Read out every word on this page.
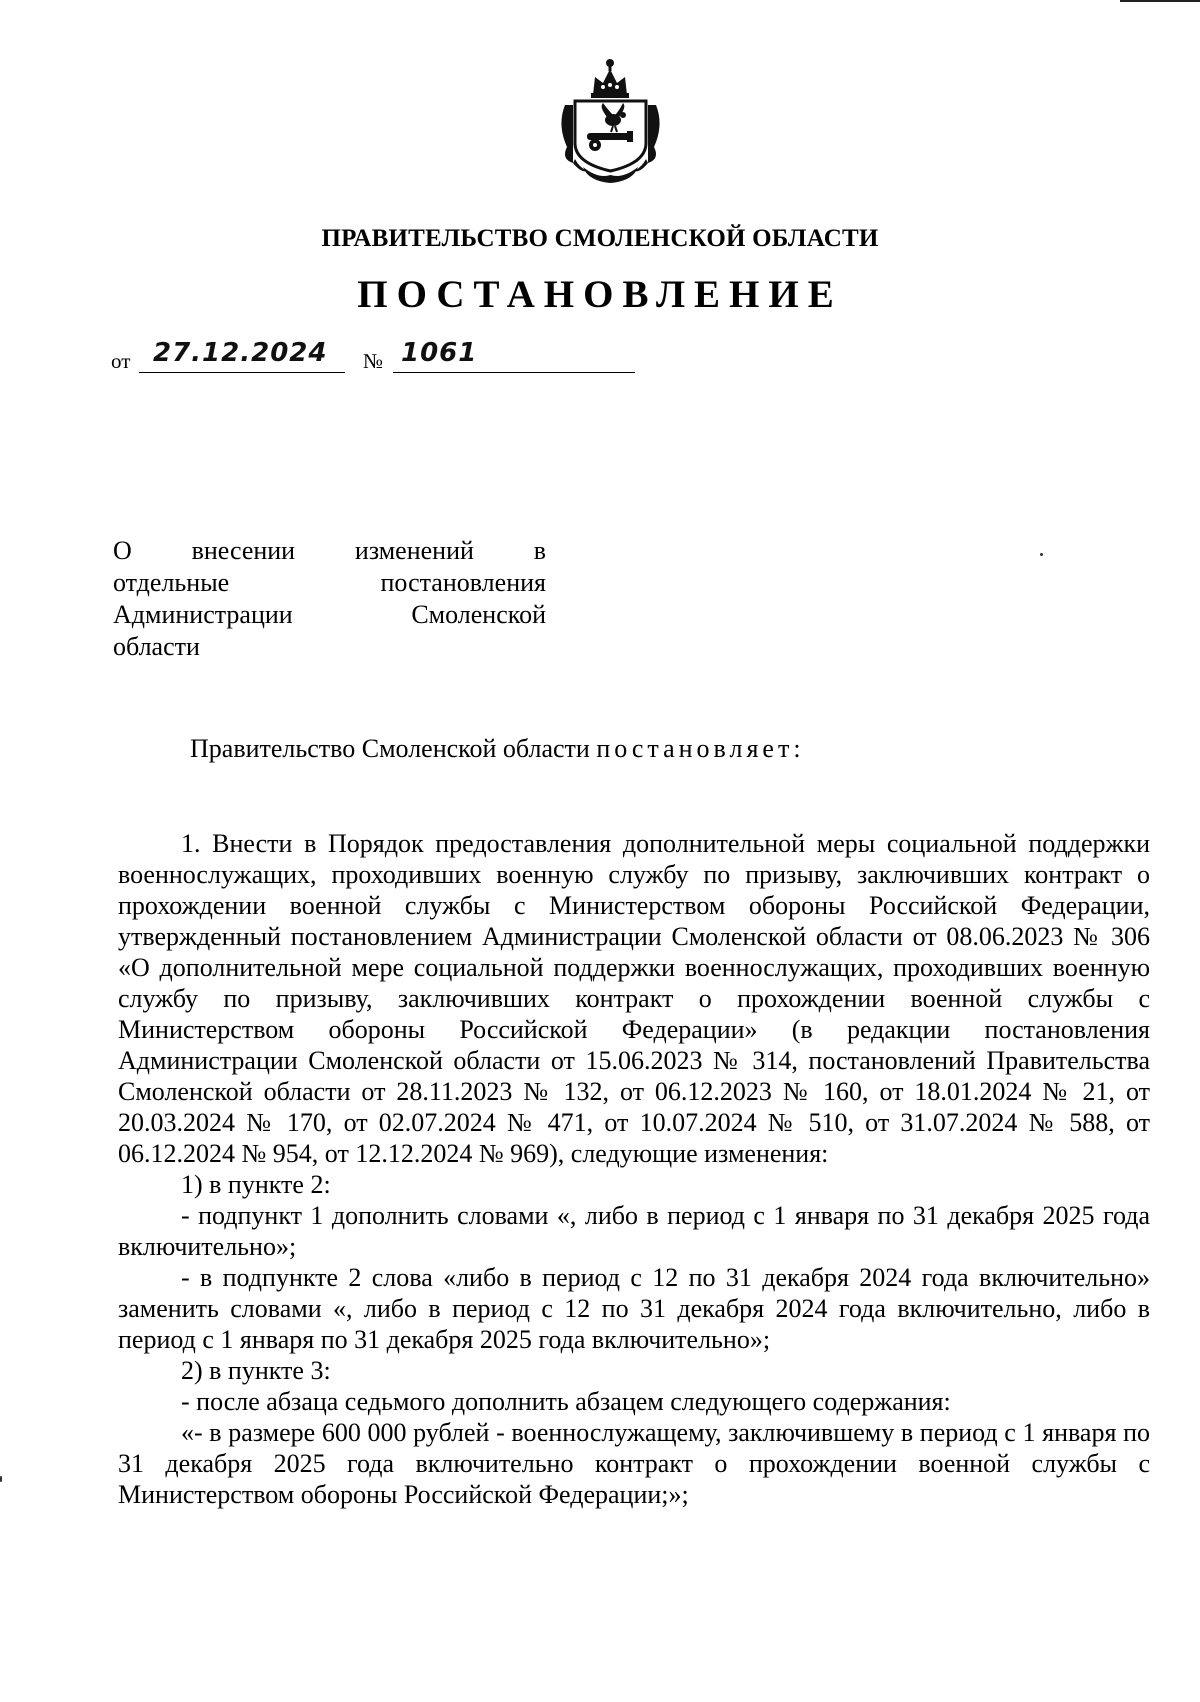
ПРАВИТЕЛЬСТВО СМОЛЕНСКОЙ ОБЛАСТИ
ПОСТАНОВЛЕНИЕ
от 27.12.2024 № 1061
О внесении изменений в
отдельные	постановления
Администрации	Смоленской
области
Правительство Смоленской области постановляет:

1. Внести в Порядок предоставления дополнительной меры социальной поддержки военнослужащих, проходивших военную службу по призыву, заключивших контракт о прохождении военной службы с Министерством обороны Российской Федерации, утвержденный постановлением Администрации Смоленской области от 08.06.2023 № 306 «О дополнительной мере социальной поддержки военнослужащих, проходивших военную службу по призыву, заключивших контракт о прохождении военной службы с Министерством обороны Российской Федерации» (в редакции постановления Администрации Смоленской области от 15.06.2023 № 314, постановлений Правительства Смоленской области от 28.11.2023 № 132, от 06.12.2023 № 160, от 18.01.2024 № 21, от 20.03.2024 № 170, от 02.07.2024 № 471, от 10.07.2024 № 510, от 31.07.2024 № 588, от 06.12.2024 № 954, от 12.12.2024 № 969), следующие изменения:

1) в пункте 2:

- подпункт 1 дополнить словами «, либо в период с 1 января по 31 декабря 2025 года включительно»;

- в подпункте 2 слова «либо в период с 12 по 31 декабря 2024 года включительно» заменить словами «, либо в период с 12 по 31 декабря 2024 года включительно, либо в период с 1 января по 31 декабря 2025 года включительно»;

2) в пункте 3:

- после абзаца седьмого дополнить абзацем следующего содержания:

«- в размере 600 000 рублей - военнослужащему, заключившему в период с 1 января по 31 декабря 2025 года включительно контракт о прохождении военной службы с Министерством обороны Российской Федерации;»;
